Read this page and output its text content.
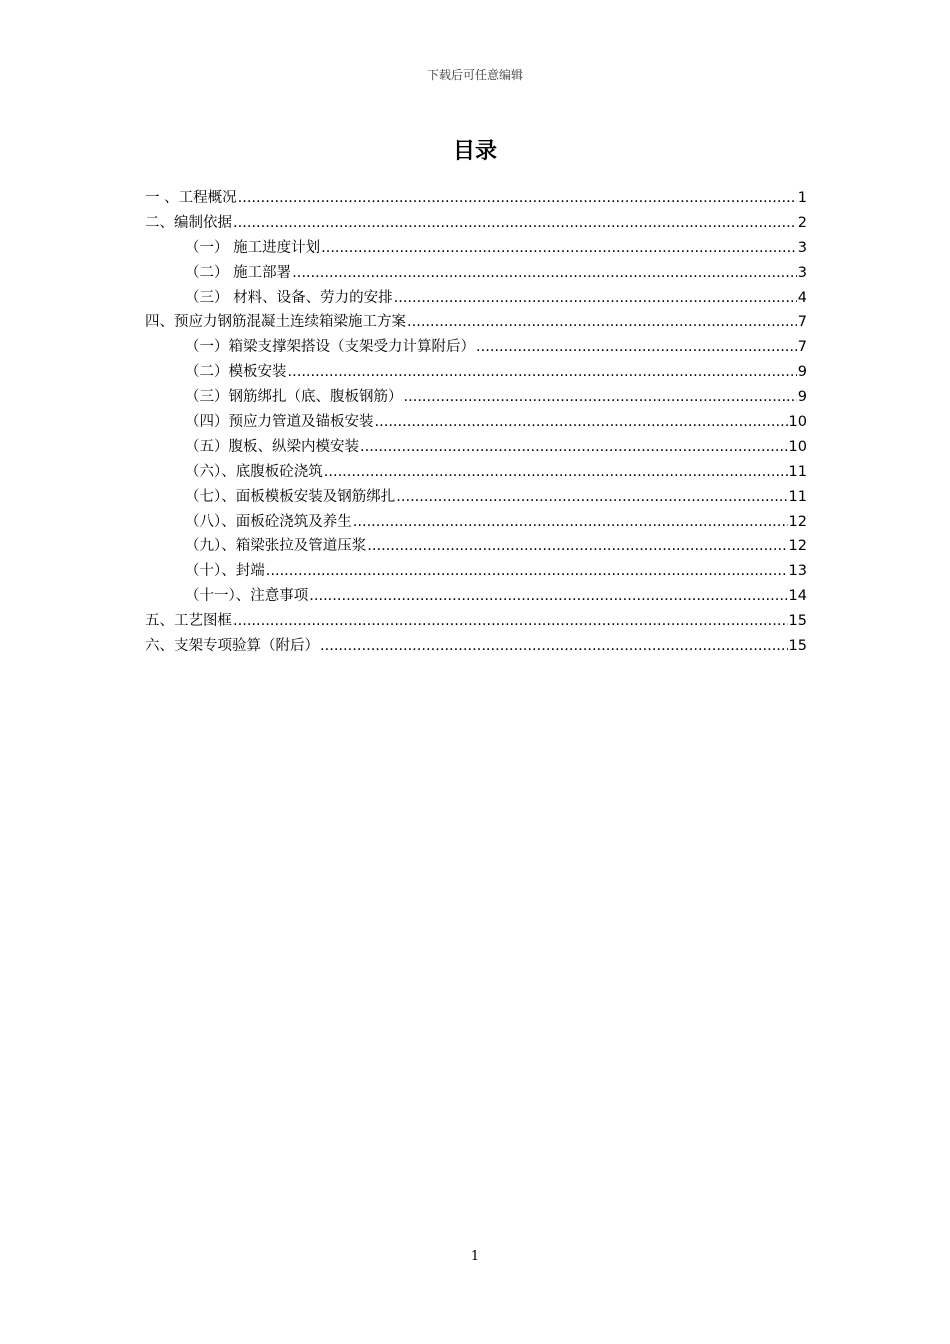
下载后可任意编辑
目录
一 、工程概况 .....	1
二、编制依据 .....	2
（一） 施工进度计划 .....	3
（二） 施工部署 .....	3
（三） 材料、设备、劳力的安排 .....	4
四、预应力钢筋混凝土连续箱梁施工方案 .....	7
（一）箱梁支撑架搭设（支架受力计算附后） .....	7
（二）模板安装 .....	9
（三）钢筋绑扎（底、腹板钢筋） .....	9
（四）预应力管道及锚板安装 .....	10
（五）腹板、纵梁内模安装 .....	10
（六）、底腹板砼浇筑 .....	11
（七）、面板模板安装及钢筋绑扎 .....	11
（八）、面板砼浇筑及养生 .....	12
（九）、箱梁张拉及管道压浆 .....	12
（十）、封端 .....	13
（十一）、注意事项 .....	14
五、工艺图框 .....	15
六、支架专项验算（附后） .....	15
1
